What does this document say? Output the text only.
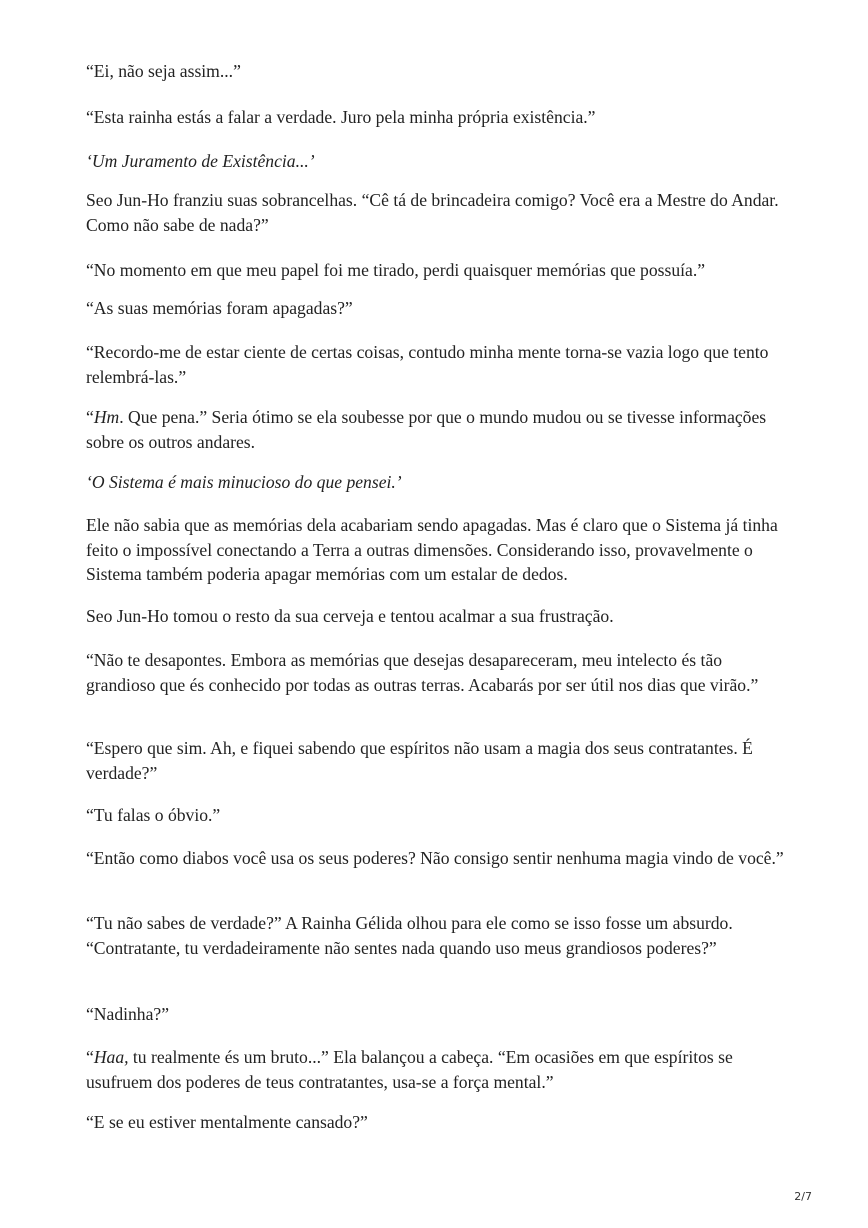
“Ei, não seja assim...”

“Esta rainha estás a falar a verdade. Juro pela minha própria existência.”

‘Um Juramento de Existência...’

Seo Jun-Ho franziu suas sobrancelhas. “Cê tá de brincadeira comigo? Você era a Mestre do Andar. Como não sabe de nada?”

“No momento em que meu papel foi me tirado, perdi quaisquer memórias que possuía.”

“As suas memórias foram apagadas?”

“Recordo-me de estar ciente de certas coisas, contudo minha mente torna-se vazia logo que tento relembrá-las.”

“Hm. Que pena.” Seria ótimo se ela soubesse por que o mundo mudou ou se tivesse informações sobre os outros andares.

‘O Sistema é mais minucioso do que pensei.’

Ele não sabia que as memórias dela acabariam sendo apagadas. Mas é claro que o Sistema já tinha feito o impossível conectando a Terra a outras dimensões. Considerando isso, provavelmente o Sistema também poderia apagar memórias com um estalar de dedos.

Seo Jun-Ho tomou o resto da sua cerveja e tentou acalmar a sua frustração.

“Não te desapontes. Embora as memórias que desejas desapareceram, meu intelecto és tão grandioso que és conhecido por todas as outras terras. Acabarás por ser útil nos dias que virão.”

“Espero que sim. Ah, e fiquei sabendo que espíritos não usam a magia dos seus contratantes. É verdade?”

“Tu falas o óbvio.”

“Então como diabos você usa os seus poderes? Não consigo sentir nenhuma magia vindo de você.”

“Tu não sabes de verdade?” A Rainha Gélida olhou para ele como se isso fosse um absurdo. “Contratante, tu verdadeiramente não sentes nada quando uso meus grandiosos poderes?”

“Nadinha?”

“Haa, tu realmente és um bruto...” Ela balançou a cabeça. “Em ocasiões em que espíritos se usufruem dos poderes de teus contratantes, usa-se a força mental.”

“E se eu estiver mentalmente cansado?”

2/7
